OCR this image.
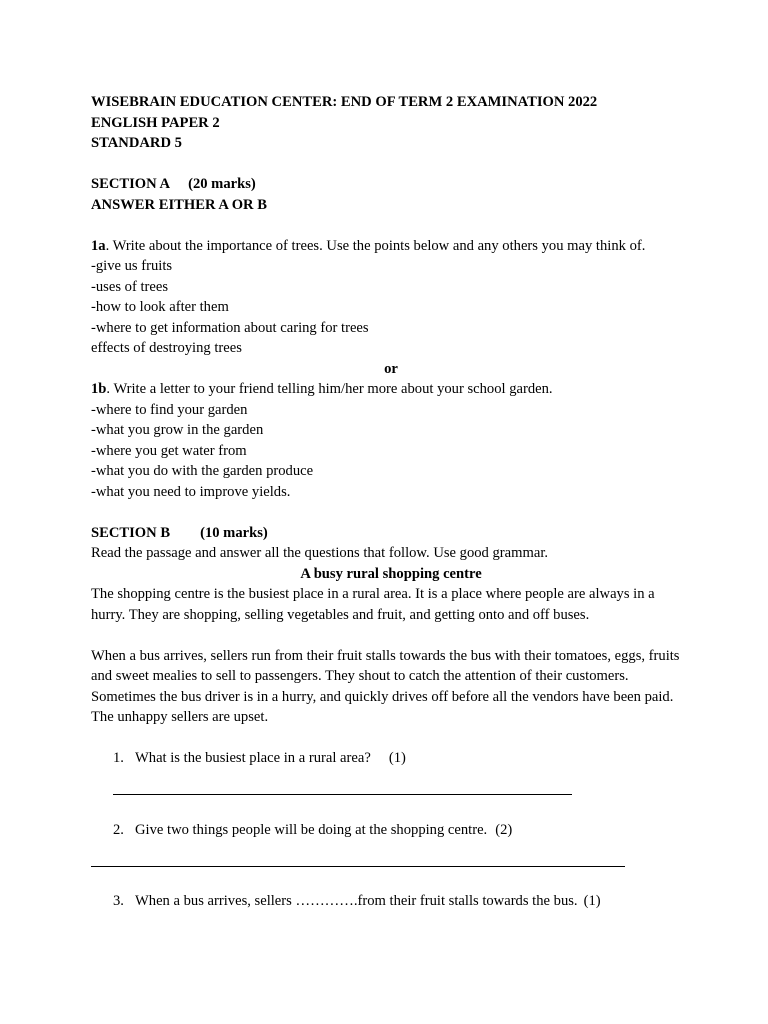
WISEBRAIN EDUCATION CENTER: END OF TERM 2 EXAMINATION 2022
ENGLISH PAPER 2
STANDARD 5
SECTION A (20 marks)
ANSWER EITHER A OR B
1a. Write about the importance of trees. Use the points below and any others you may think of.
-give us fruits
-uses of trees
-how to look after them
-where to get information about caring for trees
effects of destroying trees
or
1b. Write a letter to your friend telling him/her more about your school garden.
-where to find your garden
-what you grow in the garden
-where you get water from
-what you do with the garden produce
-what you need to improve yields.
SECTION B (10 marks)
Read the passage and answer all the questions that follow. Use good grammar.
A busy rural shopping centre
The shopping centre is the busiest place in a rural area. It is a place where people are always in a hurry. They are shopping, selling vegetables and fruit, and getting onto and off buses.
When a bus arrives, sellers run from their fruit stalls towards the bus with their tomatoes, eggs, fruits and sweet mealies to sell to passengers. They shout to catch the attention of their customers. Sometimes the bus driver is in a hurry, and quickly drives off before all the vendors have been paid. The unhappy sellers are upset.
1. What is the busiest place in a rural area? (1)
2. Give two things people will be doing at the shopping centre. (2)
3. When a bus arrives, sellers ………….from their fruit stalls towards the bus. (1)
